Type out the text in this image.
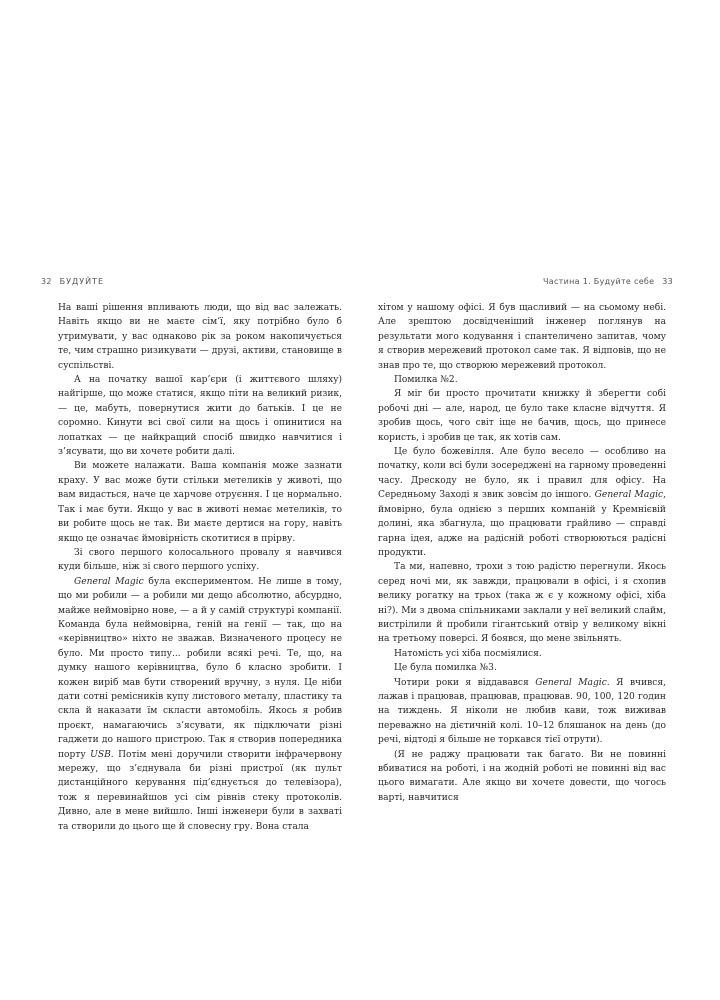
32 БУДУЙТЕ	Частина 1. Будуйте себе 33

На ваші рішення впливають люди, що від вас залежать. Навіть якщо ви не маєте сім’ї, яку потрібно було б утримувати, у вас однаково рік за роком накопичується те, чим страшно ризикувати — друзі, активи, становище в суспільстві.

А на початку вашої кар’єри (і життєвого шляху) найгірше, що може статися, якщо піти на великий ризик, — це, мабуть, повернутися жити до батьків. І це не соромно. Кинути всі свої сили на щось і опинитися на лопатках — це найкращий спосіб швидко навчитися і з’ясувати, що ви хочете робити далі.

Ви можете налажати. Ваша компанія може зазнати краху. У вас може бути стільки метеликів у животі, що вам видасться, наче це харчове отруєння. І це нормально. Так і має бути. Якщо у вас в животі немає метеликів, то ви робите щось не так. Ви маєте дертися на гору, навіть якщо це означає ймовірність скотитися в прірву.

Зі свого першого колосального провалу я навчився куди більше, ніж зі свого першого успіху.

General Magic була експериментом. Не лише в тому, що ми робили — а робили ми дещо абсолютно, абсурдно, майже неймовірно нове, — а й у самій структурі компанії. Команда була неймовірна, геній на генії — так, що на «керівництво» ніхто не зважав. Визначеного процесу не було. Ми просто типу... робили всякі речі. Те, що, на думку нашого керівництва, було б класно зробити. І кожен виріб мав бути створений вручну, з нуля. Це ніби дати сотні ремісників купу листового металу, пластику та скла й наказати їм скласти автомобіль. Якось я робив проєкт, намагаючись з’ясувати, як підключати різні гаджети до нашого пристрою. Так я створив попередника порту USB. Потім мені доручили створити інфрачервону мережу, що з’єднувала би різні пристрої (як пульт дистанційного керування під’єднується до телевізора), тож я перевинайшов усі сім рівнів стеку протоколів. Дивно, але в мене вийшло. Інші інженери були в захваті та створили до цього ще й словесну гру. Вона стала

хітом у нашому офісі. Я був щасливий — на сьомому небі. Але зрештою досвідченіший інженер поглянув на результати мого кодування і спантеличено запитав, чому я створив мережевий протокол саме так. Я відповів, що не знав про те, що створюю мережевий протокол.

Помилка №2.

Я міг би просто прочитати книжку й зберегти собі робочі дні — але, народ, це було таке класне відчуття. Я зробив щось, чого світ іще не бачив, щось, що принесе користь, і зробив це так, як хотів сам.

Це було божевілля. Але було весело — особливо на початку, коли всі були зосереджені на гарному проведенні часу. Дрескоду не було, як і правил для офісу. На Середньому Заході я звик зовсім до іншого. General Magic, ймовірно, була однією з перших компаній у Кремнієвій долині, яка збагнула, що працювати грайливо — справді гарна ідея, адже на радісній роботі створюються радісні продукти.

Та ми, напевно, трохи з тою радістю перегнули. Якось серед ночі ми, як завжди, працювали в офісі, і я схопив велику рогатку на трьох (така ж є у кожному офісі, хіба ні?). Ми з двома спільниками заклали у неї великий слайм, вистрілили й пробили гігантський отвір у великому вікні на третьому поверсі. Я боявся, що мене звільнять.

Натомість усі хіба посміялися.

Це була помилка №3.

Чотири роки я віддавався General Magic. Я вчився, лажав і працював, працював, працював. 90, 100, 120 годин на тиждень. Я ніколи не любив кави, тож виживав переважно на дієтичній колі. 10–12 бляшанок на день (до речі, відтоді я більше не торкався тієї отрути).

(Я не раджу працювати так багато. Ви не повинні вбиватися на роботі, і на жодній роботі не повинні від вас цього вимагати. Але якщо ви хочете довести, що чогось варті, навчитися
